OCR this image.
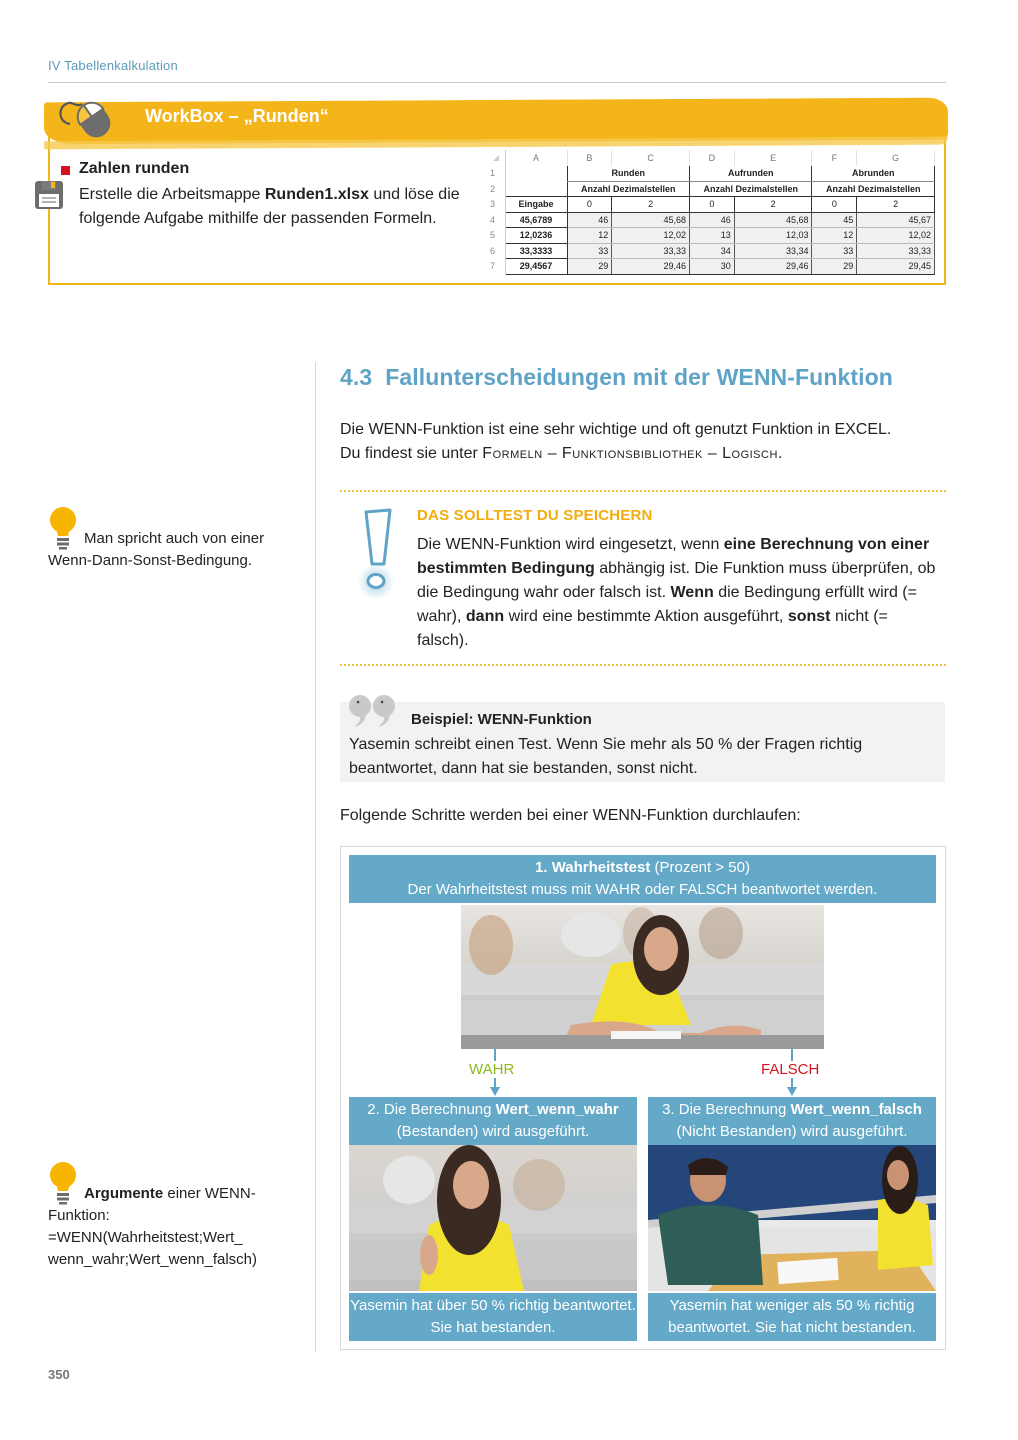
IV Tabellenkalkulation
WorkBox – „Runden“
Zahlen runden
Erstelle die Arbeitsmappe Runden1.xlsx und löse die folgende Aufgabe mithilfe der passenden Formeln.
	A	B	C	D	E	F	G
1		Runden		Aufrunden		Abrunden	
2		Anzahl Dezimalstellen		Anzahl Dezimalstellen		Anzahl Dezimalstellen	
3	Eingabe	0	2	0	2	0	2
4	45,6789	46	45,68	46	45,68	45	45,67
5	12,0236	12	12,02	13	12,03	12	12,02
6	33,3333	33	33,33	34	33,34	33	33,33
7	29,4567	29	29,46	30	29,46	29	29,45
Man spricht auch von einer Wenn-Dann-Sonst-Bedingung.
Argumente einer WENN-Funktion: =WENN(Wahrheitstest;Wert_ wenn_wahr;Wert_wenn_falsch)
4.3 Fallunterscheidungen mit der WENN-Funktion
Die WENN-Funktion ist eine sehr wichtige und oft genutzt Funktion in EXCEL.
Du findest sie unter Formeln – Funktionsbibliothek – Logisch.
DAS SOLLTEST DU SPEICHERN
Die WENN-Funktion wird eingesetzt, wenn eine Berechnung von einer bestimmten Bedingung abhängig ist. Die Funktion muss überprüfen, ob die Bedingung wahr oder falsch ist. Wenn die Bedingung erfüllt wird (= wahr), dann wird eine bestimmte Aktion ausgeführt, sonst nicht (= falsch).
Beispiel: WENN-Funktion
Yasemin schreibt einen Test. Wenn Sie mehr als 50 % der Fragen richtig beantwortet, dann hat sie bestanden, sonst nicht.
Folgende Schritte werden bei einer WENN-Funktion durchlaufen:
1. Wahrheitstest (Prozent > 50)
Der Wahrheitstest muss mit WAHR oder FALSCH beantwortet werden.
WAHR	FALSCH
2. Die Berechnung Wert_wenn_wahr
(Bestanden) wird ausgeführt.
Yasemin hat über 50 % richtig beantwortet. Sie hat bestanden.
3. Die Berechnung Wert_wenn_falsch
(Nicht Bestanden) wird ausgeführt.
Yasemin hat weniger als 50 % richtig beantwortet. Sie hat nicht bestanden.
350
